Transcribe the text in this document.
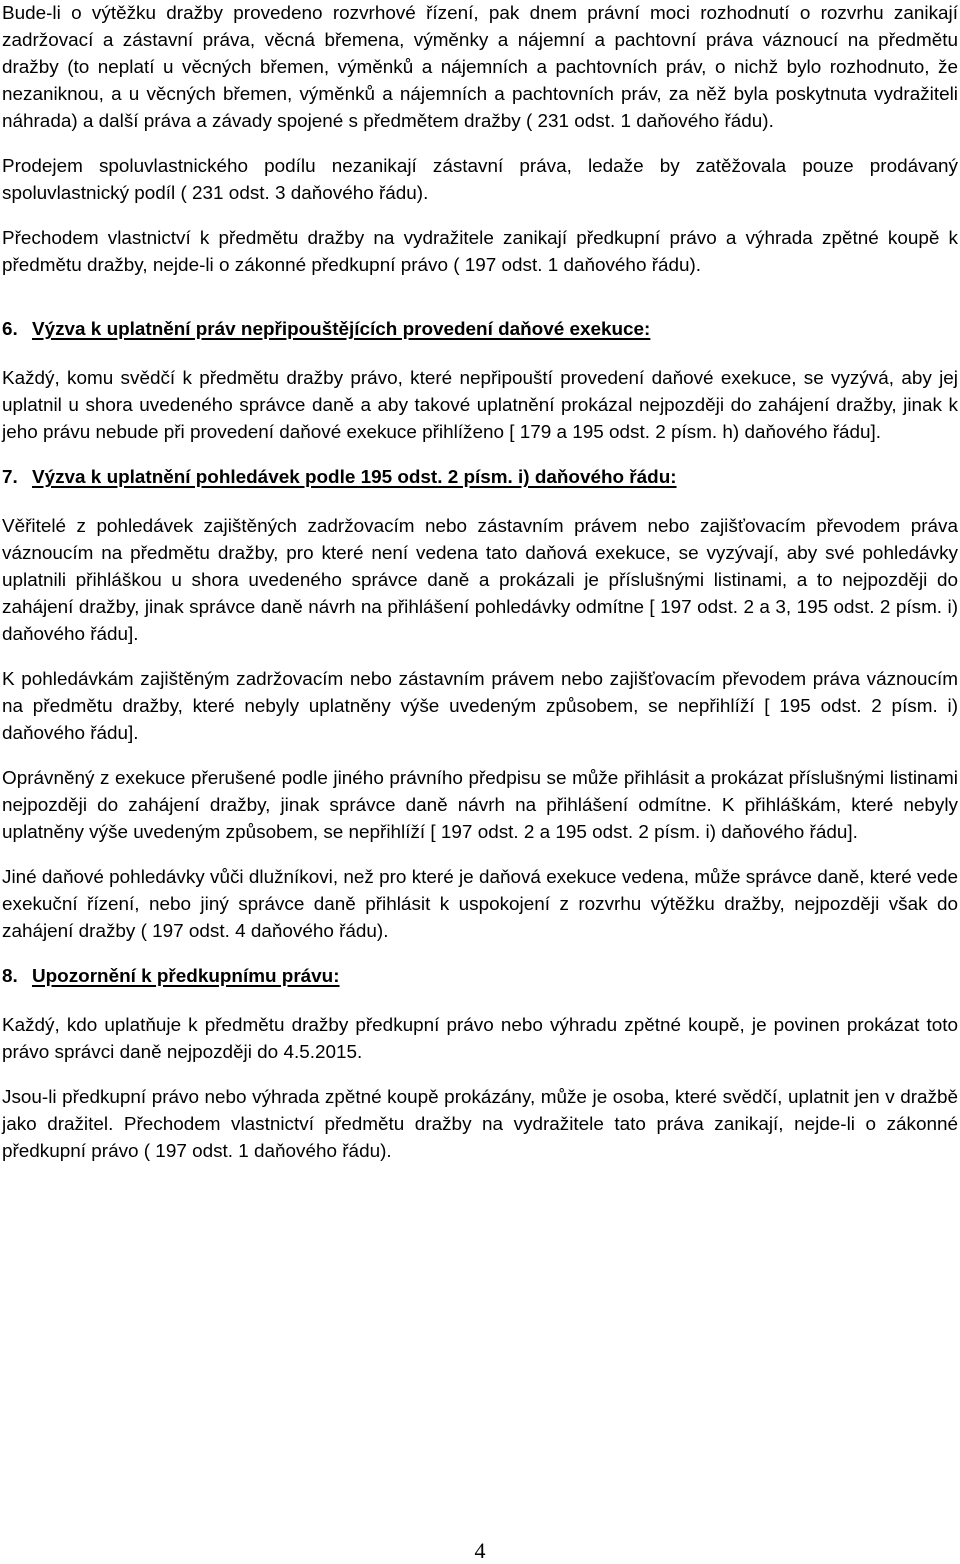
Bude-li o výtěžku dražby provedeno rozvrhové řízení, pak dnem právní moci rozhodnutí o rozvrhu zanikají zadržovací a zástavní práva, věcná břemena, výměnky a nájemní a pachtovní práva váznoucí na předmětu dražby (to neplatí u věcných břemen, výměnků a nájemních a pachtovních práv, o nichž bylo rozhodnuto, že nezaniknou, a u věcných břemen, výměnků a nájemních a pachtovních práv, za něž byla poskytnuta vydražiteli náhrada) a další práva a závady spojené s předmětem dražby ( 231 odst. 1 daňového řádu).

Prodejem spoluvlastnického podílu nezanikají zástavní práva, ledaže by zatěžovala pouze prodávaný spoluvlastnický podíl ( 231 odst. 3 daňového řádu).

Přechodem vlastnictví k předmětu dražby na vydražitele zanikají předkupní právo a výhrada zpětné koupě k předmětu dražby, nejde-li o zákonné předkupní právo ( 197 odst. 1 daňového řádu).

6. Výzva k uplatnění práv nepřipouštějících provedení daňové exekuce:

Každý, komu svědčí k předmětu dražby právo, které nepřipouští provedení daňové exekuce, se vyzývá, aby jej uplatnil u shora uvedeného správce daně a aby takové uplatnění prokázal nejpozději do zahájení dražby, jinak k jeho právu nebude při provedení daňové exekuce přihlíženo [ 179 a 195 odst. 2 písm. h) daňového řádu].

7. Výzva k uplatnění pohledávek podle 195 odst. 2 písm. i) daňového řádu:

Věřitelé z pohledávek zajištěných zadržovacím nebo zástavním právem nebo zajišťovacím převodem práva váznoucím na předmětu dražby, pro které není vedena tato daňová exekuce, se vyzývají, aby své pohledávky uplatnili přihláškou u shora uvedeného správce daně a prokázali je příslušnými listinami, a to nejpozději do zahájení dražby, jinak správce daně návrh na přihlášení pohledávky odmítne [ 197 odst. 2 a 3, 195 odst. 2 písm. i) daňového řádu].

K pohledávkám zajištěným zadržovacím nebo zástavním právem nebo zajišťovacím převodem práva váznoucím na předmětu dražby, které nebyly uplatněny výše uvedeným způsobem, se nepřihlíží [ 195 odst. 2 písm. i) daňového řádu].

Oprávněný z exekuce přerušené podle jiného právního předpisu se může přihlásit a prokázat příslušnými listinami nejpozději do zahájení dražby, jinak správce daně návrh na přihlášení odmítne. K přihláškám, které nebyly uplatněny výše uvedeným způsobem, se nepřihlíží [ 197 odst. 2 a 195 odst. 2 písm. i) daňového řádu].

Jiné daňové pohledávky vůči dlužníkovi, než pro které je daňová exekuce vedena, může správce daně, které vede exekuční řízení, nebo jiný správce daně přihlásit k uspokojení z rozvrhu výtěžku dražby, nejpozději však do zahájení dražby ( 197 odst. 4 daňového řádu).

8. Upozornění k předkupnímu právu:

Každý, kdo uplatňuje k předmětu dražby předkupní právo nebo výhradu zpětné koupě, je povinen prokázat toto právo správci daně nejpozději do 4.5.2015.

Jsou-li předkupní právo nebo výhrada zpětné koupě prokázány, může je osoba, které svědčí, uplatnit jen v dražbě jako dražitel. Přechodem vlastnictví předmětu dražby na vydražitele tato práva zanikají, nejde-li o zákonné předkupní právo ( 197 odst. 1 daňového řádu).

4
